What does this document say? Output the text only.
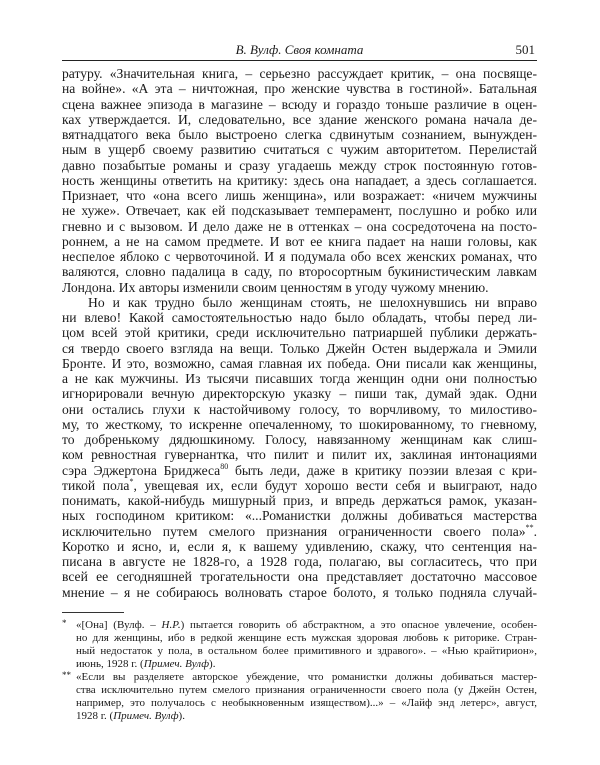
В. Вулф. Своя комната	501
ратуру. «Значительная книга, – серьезно рассуждает критик, – она посвяще-
на войне». «А эта – ничтожная, про женские чувства в гостиной». Батальная
сцена важнее эпизода в магазине – всюду и гораздо тоньше различие в оцен-
ках утверждается. И, следовательно, все здание женского романа начала де-
вятнадцатого века было выстроено слегка сдвинутым сознанием, вынужден-
ным в ущерб своему развитию считаться с чужим авторитетом. Перелистай
давно позабытые романы и сразу угадаешь между строк постоянную готов-
ность женщины ответить на критику: здесь она нападает, а здесь соглашается.
Признает, что «она всего лишь женщина», или возражает: «ничем мужчины
не хуже». Отвечает, как ей подсказывает темперамент, послушно и робко или
гневно и с вызовом. И дело даже не в оттенках – она сосредоточена на посто-
роннем, а не на самом предмете. И вот ее книга падает на наши головы, как
неспелое яблоко с червоточиной. И я подумала обо всех женских романах, что
валяются, словно падалица в саду, по второсортным букинистическим лавкам
Лондона. Их авторы изменили своим ценностям в угоду чужому мнению.
Но и как трудно было женщинам стоять, не шелохнувшись ни вправо
ни влево! Какой самостоятельностью надо было обладать, чтобы перед ли-
цом всей этой критики, среди исключительно патриаршей публики держать-
ся твердо своего взгляда на вещи. Только Джейн Остен выдержала и Эмили
Бронте. И это, возможно, самая главная их победа. Они писали как женщины,
а не как мужчины. Из тысячи писавших тогда женщин одни они полностью
игнорировали вечную директорскую указку – пиши так, думай эдак. Одни
они остались глухи к настойчивому голосу, то ворчливому, то милостиво-
му, то жесткому, то искренне опечаленному, то шокированному, то гневному,
то добренькому дядюшкиному. Голосу, навязанному женщинам как слиш-
ком ревностная гувернантка, что пилит и пилит их, заклиная интонациями
сэра Эджертона Бриджеса$^{80}$ быть леди, даже в критику поэзии влезая с кри-
тикой пола*, увещевая их, если будут хорошо вести себя и выиграют, надо
понимать, какой-нибудь мишурный приз, и впредь держаться рамок, указан-
ных господином критиком: «...Романистки должны добиваться мастерства
исключительно путем смелого признания ограниченности своего пола»**.
Коротко и ясно, и, если я, к вашему удивлению, скажу, что сентенция на-
писана в августе не 1828-го, а 1928 года, полагаю, вы согласитесь, что при
всей ее сегодняшней трогательности она представляет достаточно массовое
мнение – я не собираюсь волновать старое болото, я только подняла случай-
* «[Она] (Вулф. – Н.Р.) пытается говорить об абстрактном, а это опасное увлечение, особен-
но для женщины, ибо в редкой женщине есть мужская здоровая любовь к риторике. Стран-
ный недостаток у пола, в остальном более примитивного и здравого». – «Нью крайтирион»,
июнь, 1928 г. (Примеч. Вулф).
** «Если вы разделяете авторское убеждение, что романистки должны добиваться мастер-
ства исключительно путем смелого признания ограниченности своего пола (у Джейн Остен,
например, это получалось с необыкновенным изяществом)...» – «Лайф энд летерс», август,
1928 г. (Примеч. Вулф).
